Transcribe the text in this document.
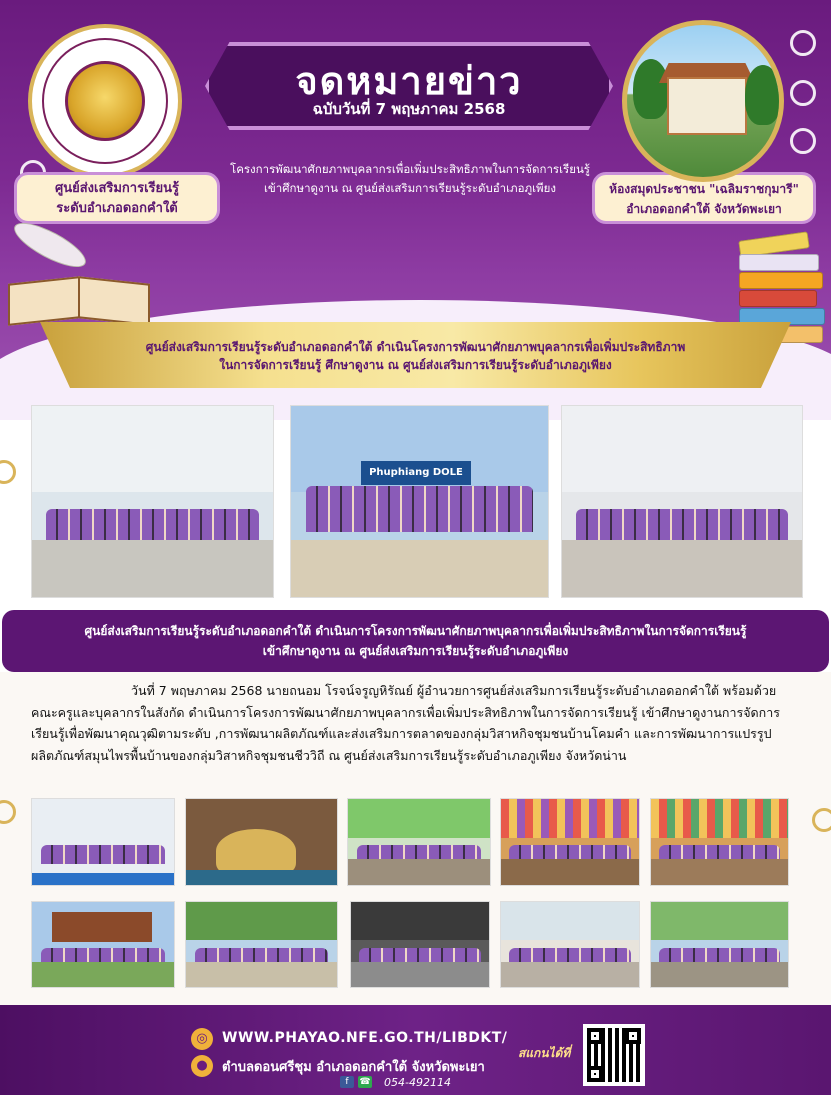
จดหมายข่าว
ฉบับวันที่ 7 พฤษภาคม 2568
โครงการพัฒนาศักยภาพบุคลากรเพื่อเพิ่มประสิทธิภาพในการจัดการเรียนรู้
เข้าศึกษาดูงาน ณ ศูนย์ส่งเสริมการเรียนรู้ระดับอำเภอภูเพียง
ศูนย์ส่งเสริมการเรียนรู้
ระดับอำเภอดอกคำใต้
ห้องสมุดประชาชน "เฉลิมราชกุมารี"
อำเภอดอกคำใต้ จังหวัดพะเยา
ศูนย์ส่งเสริมการเรียนรู้ระดับอำเภอดอกคำใต้ ดำเนินโครงการพัฒนาศักยภาพบุคลากรเพื่อเพิ่มประสิทธิภาพ
ในการจัดการเรียนรู้ ศึกษาดูงาน ณ ศูนย์ส่งเสริมการเรียนรู้ระดับอำเภอภูเพียง
Phuphiang DOLE
ศูนย์ส่งเสริมการเรียนรู้ระดับอำเภอดอกคำใต้ ดำเนินการโครงการพัฒนาศักยภาพบุคลากรเพื่อเพิ่มประสิทธิภาพในการจัดการเรียนรู้
เข้าศึกษาดูงาน ณ ศูนย์ส่งเสริมการเรียนรู้ระดับอำเภอภูเพียง

วันที่ 7 พฤษภาคม 2568 นายถนอม โรจน์จรูญหิรัณย์ ผู้อำนวยการศูนย์ส่งเสริมการเรียนรู้ระดับอำเภอดอกคำใต้ พร้อมด้วยคณะครูและบุคลากรในสังกัด ดำเนินการโครงการพัฒนาศักยภาพบุคลากรเพื่อเพิ่มประสิทธิภาพในการจัดการเรียนรู้ เข้าศึกษาดูงานการจัดการเรียนรู้เพื่อพัฒนาคุณวุฒิตามระดับ ,การพัฒนาผลิตภัณฑ์และส่งเสริมการตลาดของกลุ่มวิสาหกิจชุมชนบ้านโคมคำ และการพัฒนาการแปรรูปผลิตภัณฑ์สมุนไพรพื้นบ้านของกลุ่มวิสาหกิจชุมชนชีววิถี ณ ศูนย์ส่งเสริมการเรียนรู้ระดับอำเภอภูเพียง จังหวัดน่าน

◎	WWW.PHAYAO.NFE.GO.TH/LIBDKT/
●	ตำบลดอนศรีชุม อำเภอดอกคำใต้ จังหวัดพะเยา
f	☎ 054-492114
สแกนได้ที่
